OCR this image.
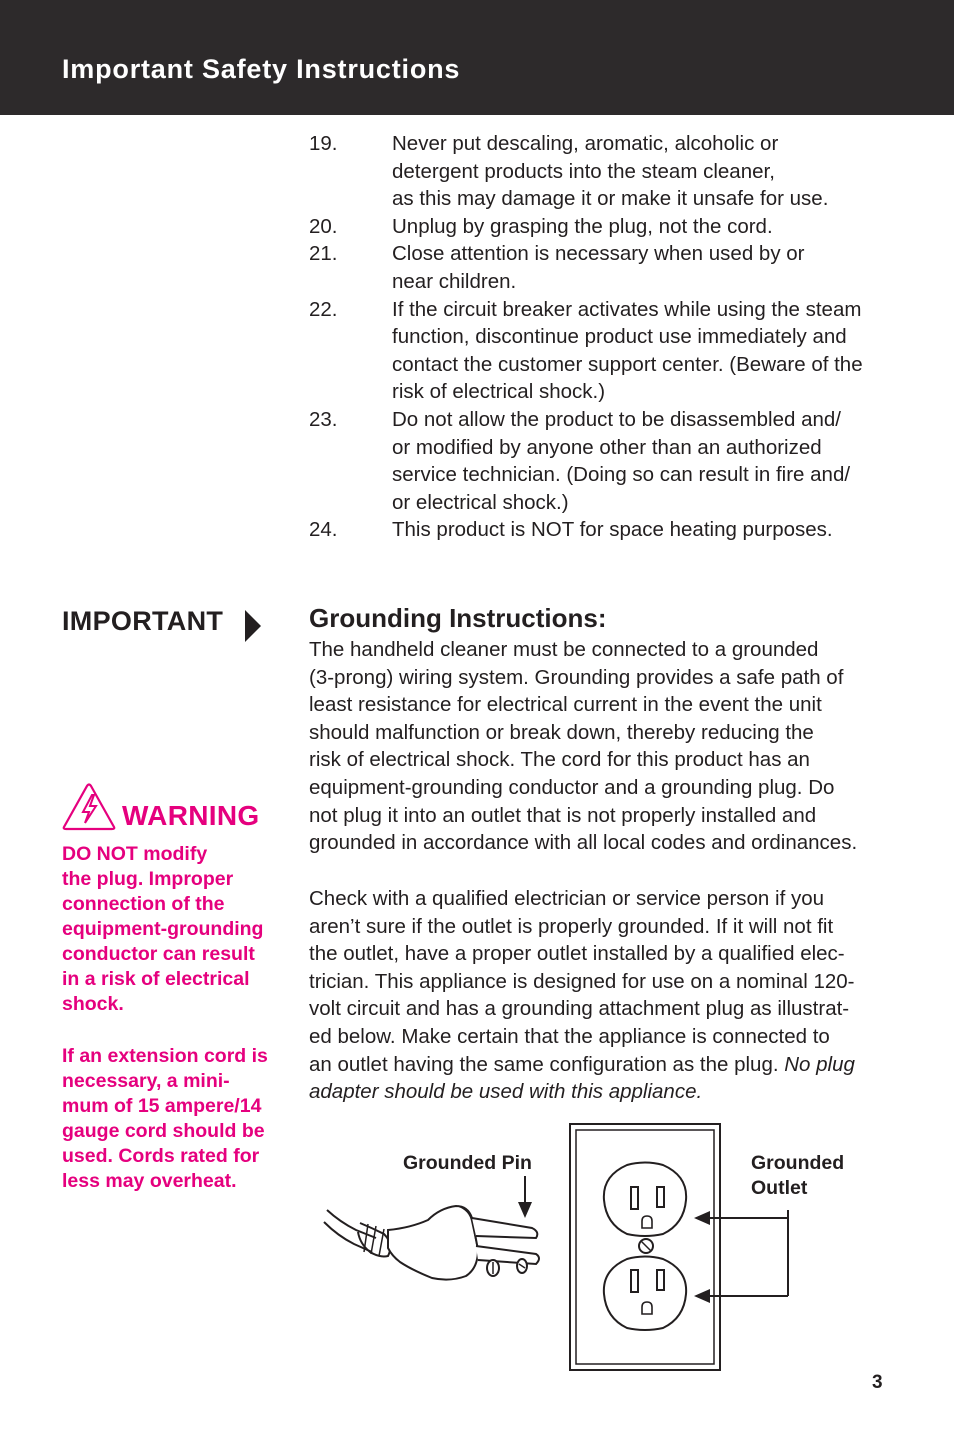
Important Safety Instructions
19.	Never put descaling, aromatic, alcoholic or
detergent products into the steam cleaner,
as this may damage it or make it unsafe for use.
20.	Unplug by grasping the plug, not the cord.
21.	Close attention is necessary when used by or
near children.
22.	If the circuit breaker activates while using the steam
function, discontinue product use immediately and
contact the customer support center. (Beware of the
risk of electrical shock.)
23.	Do not allow the product to be disassembled and/
or modified by anyone other than an authorized
service technician. (Doing so can result in fire and/
or electrical shock.)
24.	This product is NOT for space heating purposes.
IMPORTANT
WARNING
DO NOT modify
the plug. Improper
connection of the
equipment-grounding
conductor can result
in a risk of electrical
shock.
If an extension cord is
necessary, a mini-
mum of 15 ampere/14
gauge cord should be
used. Cords rated for
less may overheat.
Grounding Instructions:
The handheld cleaner must be connected to a grounded
(3-prong) wiring system. Grounding provides a safe path of
least resistance for electrical current in the event the unit
should malfunction or break down, thereby reducing the
risk of electrical shock. The cord for this product has an
equipment-grounding conductor and a grounding plug. Do
not plug it into an outlet that is not properly installed and
grounded in accordance with all local codes and ordinances.
Check with a qualified electrician or service person if you
aren’t sure if the outlet is properly grounded. If it will not fit
the outlet, have a proper outlet installed by a qualified elec-
trician. This appliance is designed for use on a nominal 120-
volt circuit and has a grounding attachment plug as illustrat-
ed below. Make certain that the appliance is connected to
an outlet having the same configuration as the plug. No plug
adapter should be used with this appliance.
Grounded Pin	Grounded
Outlet
3
